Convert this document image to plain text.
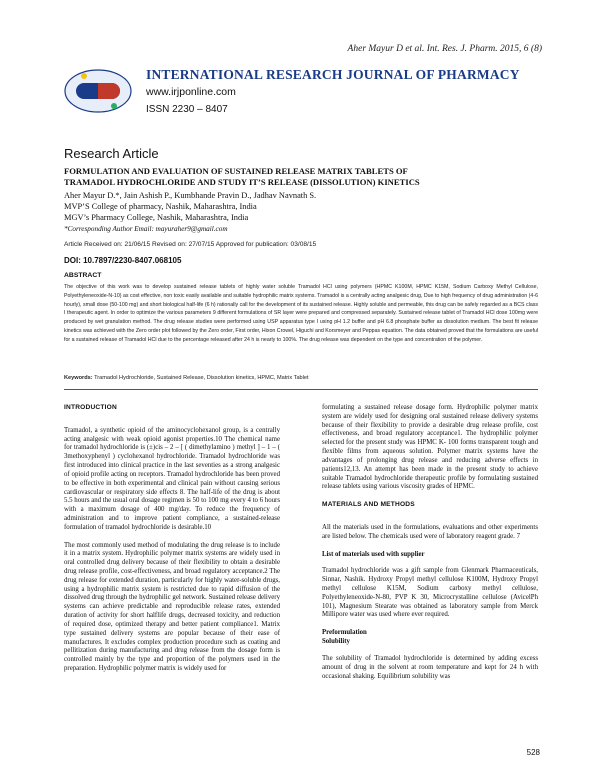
Aher Mayur D et al. Int. Res. J. Pharm. 2015, 6 (8)
INTERNATIONAL RESEARCH JOURNAL OF PHARMACY
www.irjponline.com
ISSN 2230 – 8407
Research Article
FORMULATION AND EVALUATION OF SUSTAINED RELEASE MATRIX TABLETS OF
TRAMADOL HYDROCHLORIDE AND STUDY IT’S RELEASE (DISSOLUTION) KINETICS
Aher Mayur D.*, Jain Ashish P., Kumbhande Pravin D., Jadhav Navnath S.
MVP’S College of pharmacy, Nashik, Maharashtra, India
MGV’s Pharmacy College, Nashik, Maharashtra, India
*Corresponding Author Email: mayuraher9@gmail.com
Article Received on: 21/06/15 Revised on: 27/07/15 Approved for publication: 03/08/15
DOI: 10.7897/2230-8407.068105
ABSTRACT
The objective of this work was to develop sustained release tablets of highly water soluble Tramadol HCl using polymers (HPMC K100M, HPMC K15M, Sodium Carboxy Methyl Cellulose, Polyethyleneoxide-N-10) as cost effective, non toxic easily available and suitable hydrophilic matrix systems. Tramadol is a centrally acting analgesic drug, Due to high frequency of drug administration (4-6 hourly), small dose (50-100 mg) and short biological half-life (6 h) rationally call for the development of its sustained release. Highly soluble and permeable, this drug can be safely regarded as a BCS class I therapeutic agent. In order to optimize the various parameters 9 different formulations of SR layer were prepared and compressed separately. Sustained release tablet of Tramadol HCl dose 100mg were produced by wet granulation method. The drug release studies were performed using USP apparatus type I using pH 1.2 buffer and pH 6.8 phosphate buffer as dissolution medium. The best fit release kinetics was achieved with the Zero order plot followed by the Zero order, First order, Hixon Crowel, Higuchi and Korsmeyer and Peppas equation. The data obtained proved that the formulations are useful for a sustained release of Tramadol HCl due to the percentage released after 24 h is nearly to 100%. The drug release was dependent on the type and concentration of the polymer.
Keywords: Tramadol Hydrochloride, Sustained Release, Dissolution kinetics, HPMC, Matrix Tablet
INTRODUCTION

Tramadol, a synthetic opioid of the aminocyclohexanol group, is a centrally acting analgesic with weak opioid agonist properties.10 The chemical name for tramadol hydrochloride is (±)cis – 2 – [ ( dimethylamino ) methyl ] – 1 – ( 3methoxyphenyl ) cyclohexanol hydrochloride. Tramadol hydrochloride was first introduced into clinical practice in the last seventies as a strong analgesic of opioid profile acting on receptors. Tramadol hydrochloride has been proved to be effective in both experimental and clinical pain without causing serious cardiovascular or respiratory side effects 8. The half-life of the drug is about 5.5 hours and the usual oral dosage regimen is 50 to 100 mg every 4 to 6 hours with a maximum dosage of 400 mg/day. To reduce the frequency of administration and to improve patient compliance, a sustained-release formulation of tramadol hydrochloride is desirable.10

The most commonly used method of modulating the drug release is to include it in a matrix system. Hydrophilic polymer matrix systems are widely used in oral controlled drug delivery because of their flexibility to obtain a desirable drug release profile, cost-effectiveness, and broad regulatory acceptance.2 The drug release for extended duration, particularly for highly water-soluble drugs, using a hydrophilic matrix system is restricted due to rapid diffusion of the dissolved drug through the hydrophilic gel network. Sustained release delivery systems can achieve predictable and reproducible release rates, extended duration of activity for short halflife drugs, decreased toxicity, and reduction of required dose, optimized therapy and better patient compliance1. Matrix type sustained delivery systems are popular because of their ease of manufactures. It excludes complex production procedure such as coating and pellitization during manufacturing and drug release from the dosage form is controlled mainly by the type and proportion of the polymers used in the preparation. Hydrophilic polymer matrix is widely used for

formulating a sustained release dosage form. Hydrophilic polymer matrix system are widely used for designing oral sustained release delivery systems because of their flexibility to provide a desirable drug release profile, cost effectiveness, and broad regulatory acceptance1. The hydrophilic polymer selected for the present study was HPMC K- 100 forms transparent tough and flexible films from aqueous solution. Polymer matrix systems have the advantages of prolonging drug release and reducing adverse effects in patients12,13. An attempt has been made in the present study to achieve suitable Tramadol hydrochloride therapeutic profile by formulating sustained release tablets using various viscosity grades of HPMC.

MATERIALS AND METHODS

All the materials used in the formulations, evaluations and other experiments are listed below. The chemicals used were of laboratory reagent grade. 7

List of materials used with supplier

Tramadol hydrochloride was a gift sample from Glenmark Pharmaceuticals, Sinnar, Nashik. Hydroxy Propyl methyl cellulose K100M, Hydroxy Propyl methyl cellulose K15M, Sodium carboxy methyl cellulose, Polyethyleneoxide-N-80, PVP K 30, Microcrystalline cellulose (AvicelPh 101), Magnesium Stearate was obtained as laboratory sample from Merck Millipore water was used where ever required.

Preformulation
Solubility

The solubility of Tramadol hydrochloride is determined by adding excess amount of drug in the solvent at room temperature and kept for 24 h with occasional shaking. Equilibrium solubility was

528
